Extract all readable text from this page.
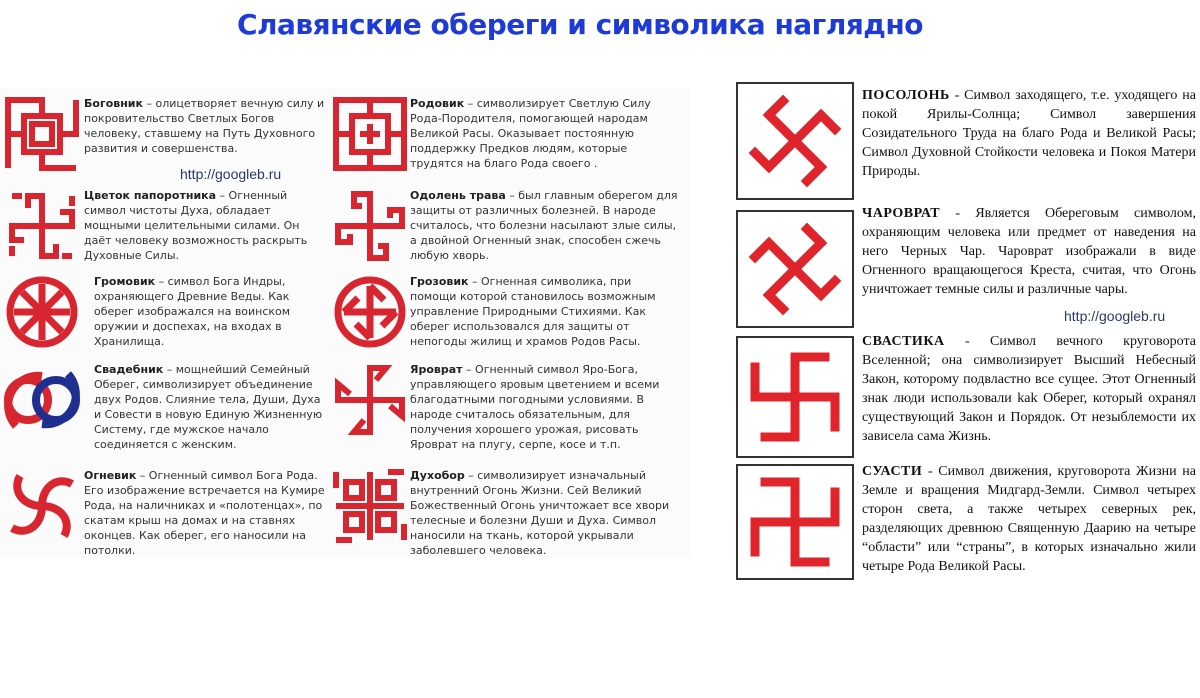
Славянские обереги и символика наглядно
Боговник – олицетворяет вечную силу и покровительство Светлых Богов человеку, ставшему на Путь Духовного развития и совершенства.
Родовик – символизирует Светлую Силу Рода-Породителя, помогающей народам Великой Расы. Оказывает постоянную поддержку Предков людям, которые трудятся на благо Рода своего .
http://googleb.ru
Цветок папоротника – Огненный символ чистоты Духа, обладает мощными целительными силами. Он даёт человеку возможность раскрыть Духовные Силы.
Одолень трава – был главным оберегом для защиты от различных болезней. В народе считалось, что болезни насылают злые силы, а двойной Огненный знак, способен сжечь любую хворь.
Громовик – символ Бога Индры, охраняющего Древние Веды. Как оберег изображался на воинском оружии и доспехах, на входах в Хранилища.
Грозовик – Огненная символика, при помощи которой становилось возможным управление Природными Стихиями. Как оберег использовался для защиты от непогоды жилищ и храмов Родов Расы.
Свадебник – мощнейший Семейный Оберег, символизирует объединение двух Родов. Слияние тела, Души, Духа и Совести в новую Единую Жизненную Систему, где мужское начало соединяется с женским.
Яроврат – Огненный символ Яро-Бога, управляющего яровым цветением и всеми благодатными погодными условиями. В народе считалось обязательным, для получения хорошего урожая, рисовать Яроврат на плугу, серпе, косе и т.п.
Огневик – Огненный символ Бога Рода. Его изображение встречается на Кумире Рода, на наличниках и «полотенцах», по скатам крыш на домах и на ставнях оконцев. Как оберег, его наносили на потолки.
Духобор – символизирует изначальный внутренний Огонь Жизни. Сей Великий Божественный Огонь уничтожает все хвори телесные и болезни Души и Духа. Символ наносили на ткань, которой укрывали заболевшего человека.
ПОСОЛОНЬ - Символ заходящего, т.е. уходящего на покой Ярилы-Солнца; Символ завершения Созидательного Труда на благо Рода и Великой Расы; Символ Духовной Стойкости человека и Покоя Матери Природы.
ЧАРОВРАТ - Является Обереговым символом, охраняющим человека или предмет от наведения на него Черных Чар. Чароврат изображали в виде Огненного вращающегося Креста, считая, что Огонь уничтожает темные силы и различные чары.
http://googleb.ru
СВАСТИКА - Символ вечного круговорота Вселенной; она символизирует Высший Небесный Закон, которому подвластно все сущее. Этот Огненный знак люди использовали kak Оберег, который охранял существующий Закон и Порядок. От незыблемости их зависела сама Жизнь.
СУАСТИ - Символ движения, круговорота Жизни на Земле и вращения Мидгард-Земли. Символ четырех сторон света, а также четырех северных рек, разделяющих древнюю Священную Даарию на четыре “области” или “страны”, в которых изначально жили четыре Рода Великой Расы.
